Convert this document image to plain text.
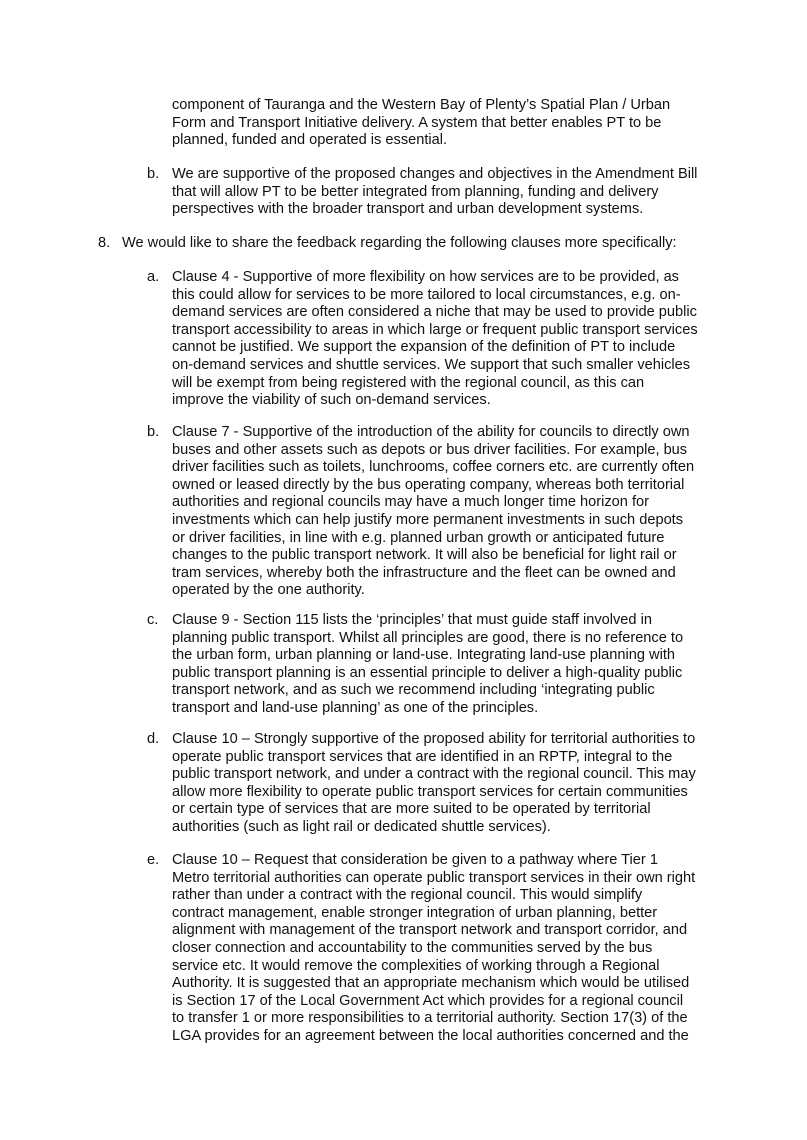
component of Tauranga and the Western Bay of Plenty’s Spatial Plan / Urban

Form and Transport Initiative delivery. A system that better enables PT to be

planned, funded and operated is essential.

b. We are supportive of the proposed changes and objectives in the Amendment Bill

that will allow PT to be better integrated from planning, funding and delivery

perspectives with the broader transport and urban development systems.

8. We would like to share the feedback regarding the following clauses more specifically:

a. Clause 4 - Supportive of more flexibility on how services are to be provided, as

this could allow for services to be more tailored to local circumstances, e.g. on-

demand services are often considered a niche that may be used to provide public

transport accessibility to areas in which large or frequent public transport services

cannot be justified. We support the expansion of the definition of PT to include

on-demand services and shuttle services. We support that such smaller vehicles

will be exempt from being registered with the regional council, as this can

improve the viability of such on-demand services.

b. Clause 7 - Supportive of the introduction of the ability for councils to directly own

buses and other assets such as depots or bus driver facilities. For example, bus

driver facilities such as toilets, lunchrooms, coffee corners etc. are currently often

owned or leased directly by the bus operating company, whereas both territorial

authorities and regional councils may have a much longer time horizon for

investments which can help justify more permanent investments in such depots

or driver facilities, in line with e.g. planned urban growth or anticipated future

changes to the public transport network. It will also be beneficial for light rail or

tram services, whereby both the infrastructure and the fleet can be owned and

operated by the one authority.

c. Clause 9 - Section 115 lists the ‘principles’ that must guide staff involved in

planning public transport. Whilst all principles are good, there is no reference to

the urban form, urban planning or land-use. Integrating land-use planning with

public transport planning is an essential principle to deliver a high-quality public

transport network, and as such we recommend including ‘integrating public

transport and land-use planning’ as one of the principles.

d. Clause 10 – Strongly supportive of the proposed ability for territorial authorities to

operate public transport services that are identified in an RPTP, integral to the

public transport network, and under a contract with the regional council. This may

allow more flexibility to operate public transport services for certain communities

or certain type of services that are more suited to be operated by territorial

authorities (such as light rail or dedicated shuttle services).

e. Clause 10 – Request that consideration be given to a pathway where Tier 1

Metro territorial authorities can operate public transport services in their own right

rather than under a contract with the regional council. This would simplify

contract management, enable stronger integration of urban planning, better

alignment with management of the transport network and transport corridor, and

closer connection and accountability to the communities served by the bus

service etc. It would remove the complexities of working through a Regional

Authority. It is suggested that an appropriate mechanism which would be utilised

is Section 17 of the Local Government Act which provides for a regional council

to transfer 1 or more responsibilities to a territorial authority. Section 17(3) of the

LGA provides for an agreement between the local authorities concerned and the
